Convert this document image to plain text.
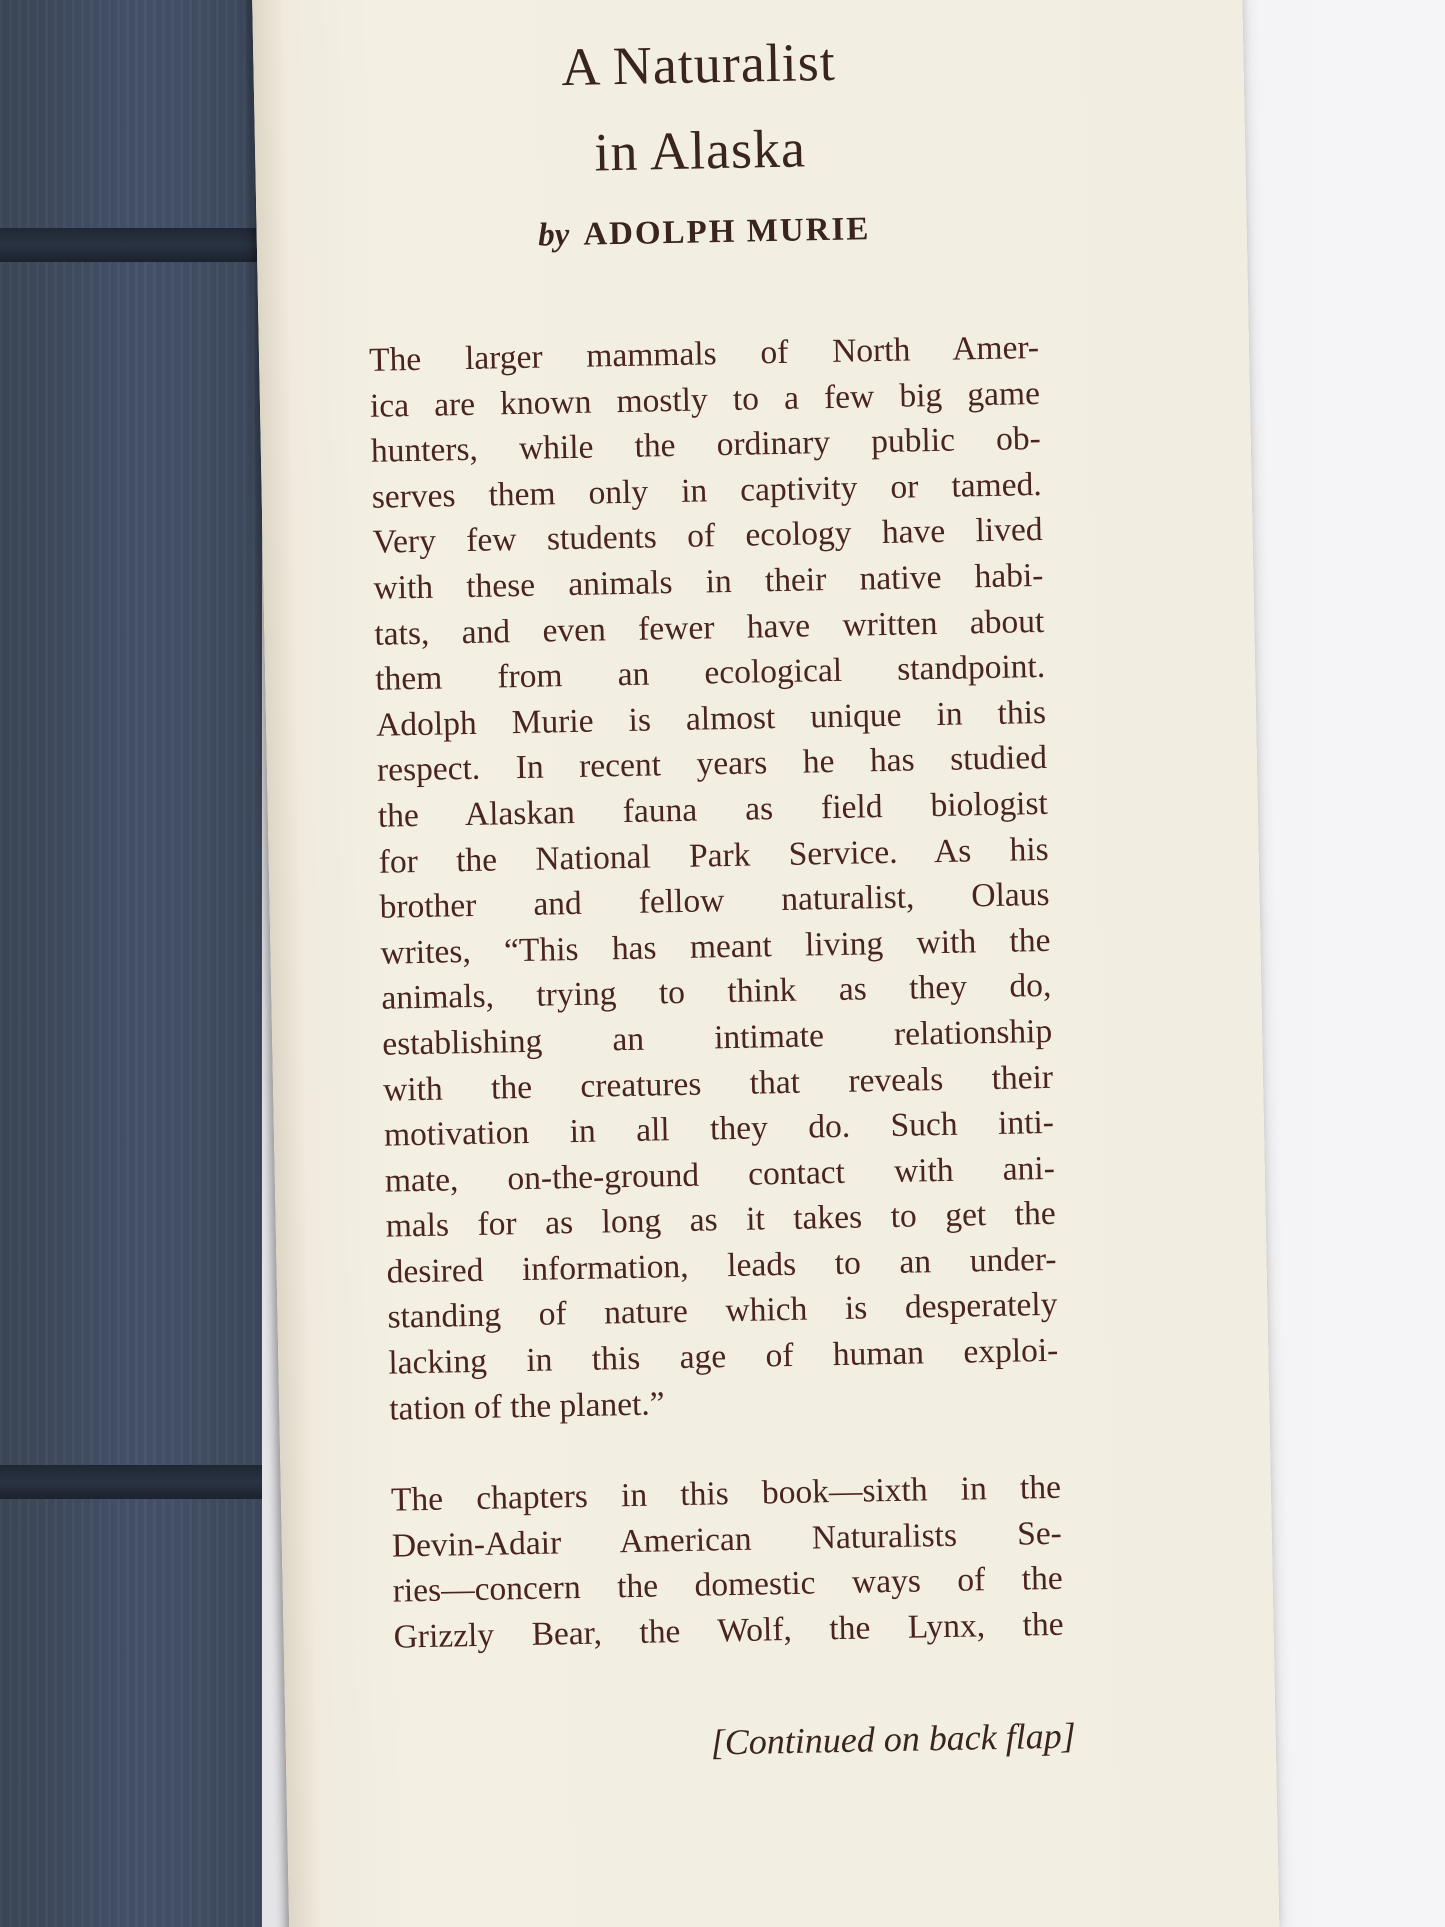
A Naturalist
in Alaska
by ADOLPH MURIE
The larger mammals of North Amer-
ica are known mostly to a few big game
hunters, while the ordinary public ob-
serves them only in captivity or tamed.
Very few students of ecology have lived
with these animals in their native habi-
tats, and even fewer have written about
them from an ecological standpoint.
Adolph Murie is almost unique in this
respect. In recent years he has studied
the Alaskan fauna as field biologist
for the National Park Service. As his
brother and fellow naturalist, Olaus
writes, “This has meant living with the
animals, trying to think as they do,
establishing an intimate relationship
with the creatures that reveals their
motivation in all they do. Such inti-
mate, on-the-ground contact with ani-
mals for as long as it takes to get the
desired information, leads to an under-
standing of nature which is desperately
lacking in this age of human exploi-
tation of the planet.”
The chapters in this book—sixth in the
Devin-Adair American Naturalists Se-
ries—concern the domestic ways of the
Grizzly Bear, the Wolf, the Lynx, the
[Continued on back flap]
